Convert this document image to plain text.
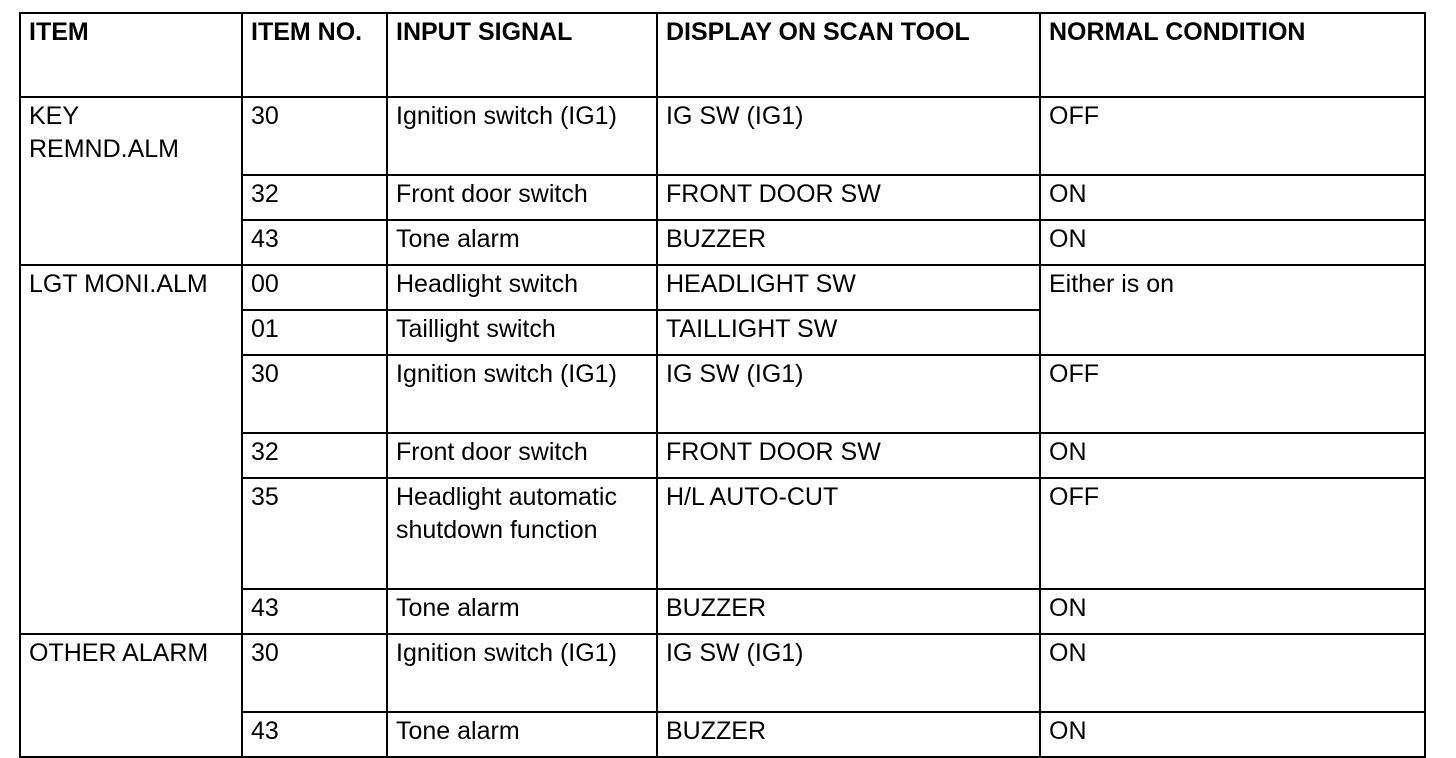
ITEM	ITEM NO.	INPUT SIGNAL	DISPLAY ON SCAN TOOL	NORMAL CONDITION
KEY REMND.ALM	30	Ignition switch (IG1)	IG SW (IG1)	OFF
	32	Front door switch	FRONT DOOR SW	ON
	43	Tone alarm	BUZZER	ON
LGT MONI.ALM	00	Headlight switch	HEADLIGHT SW	Either is on
	01	Taillight switch	TAILLIGHT SW	
	30	Ignition switch (IG1)	IG SW (IG1)	OFF
	32	Front door switch	FRONT DOOR SW	ON
	35	Headlight automatic shutdown function	H/L AUTO-CUT	OFF
	43	Tone alarm	BUZZER	ON
OTHER ALARM	30	Ignition switch (IG1)	IG SW (IG1)	ON
	43	Tone alarm	BUZZER	ON
